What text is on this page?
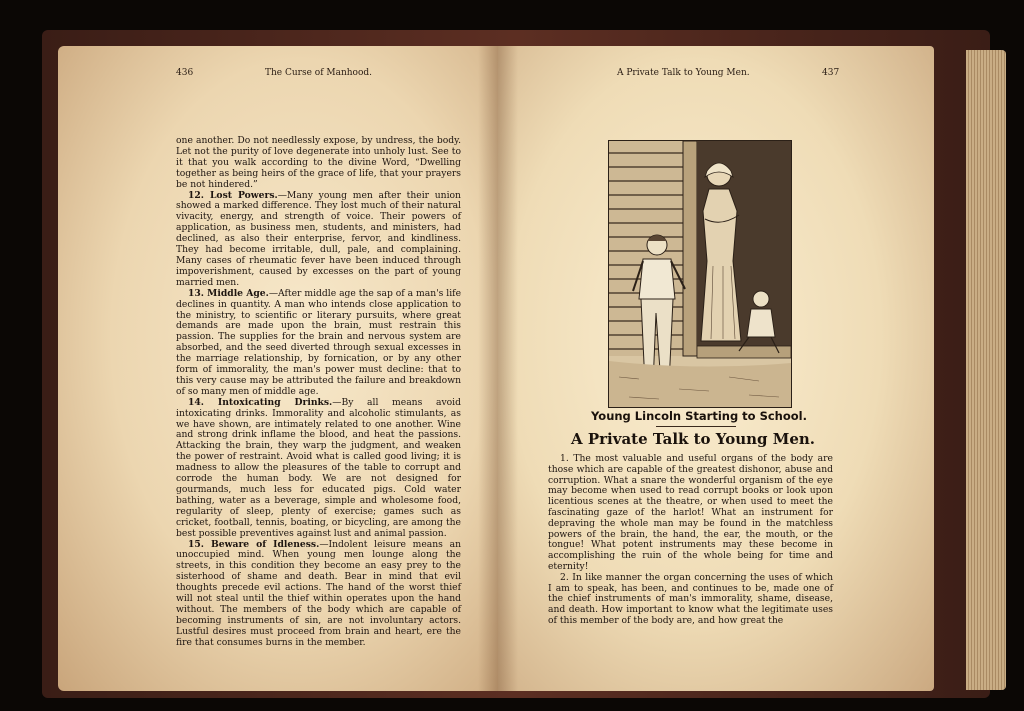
436	The Curse of Manhood.

one another. Do not needlessly expose, by undress, the body. Let not the purity of love degenerate into unholy lust. See to it that you walk according to the divine Word, “Dwelling together as being heirs of the grace of life, that your prayers be not hindered.”

12. Lost Powers.—Many young men after their union showed a marked difference. They lost much of their natural vivacity, energy, and strength of voice. Their powers of application, as business men, students, and ministers, had declined, as also their enterprise, fervor, and kindliness. They had become irritable, dull, pale, and complaining. Many cases of rheumatic fever have been induced through impoverishment, caused by excesses on the part of young married men.

13. Middle Age.—After middle age the sap of a man's life declines in quantity. A man who intends close application to the ministry, to scientific or literary pursuits, where great demands are made upon the brain, must restrain this passion. The supplies for the brain and nervous system are absorbed, and the seed diverted through sexual excesses in the marriage relationship, by fornication, or by any other form of immorality, the man's power must decline: that to this very cause may be attributed the failure and breakdown of so many men of middle age.

14. Intoxicating Drinks.—By all means avoid intoxicating drinks. Immorality and alcoholic stimulants, as we have shown, are intimately related to one another. Wine and strong drink inflame the blood, and heat the passions. Attacking the brain, they warp the judgment, and weaken the power of restraint. Avoid what is called good living; it is madness to allow the pleasures of the table to corrupt and corrode the human body. We are not designed for gourmands, much less for educated pigs. Cold water bathing, water as a beverage, simple and wholesome food, regularity of sleep, plenty of exercise; games such as cricket, football, tennis, boating, or bicycling, are among the best possible preventives against lust and animal passion.

15. Beware of Idleness.—Indolent leisure means an unoccupied mind. When young men lounge along the streets, in this condition they become an easy prey to the sisterhood of shame and death. Bear in mind that evil thoughts precede evil actions. The hand of the worst thief will not steal until the thief within operates upon the hand without. The members of the body which are capable of becoming instruments of sin, are not involuntary actors. Lustful desires must proceed from brain and heart, ere the fire that consumes burns in the member.

A Private Talk to Young Men.	437
Young Lincoln Starting to School.
A Private Talk to Young Men.

1. The most valuable and useful organs of the body are those which are capable of the greatest dishonor, abuse and corruption. What a snare the wonderful organism of the eye may become when used to read corrupt books or look upon licentious scenes at the theatre, or when used to meet the fascinating gaze of the harlot! What an instrument for depraving the whole man may be found in the matchless powers of the brain, the hand, the ear, the mouth, or the tongue! What potent instruments may these become in accomplishing the ruin of the whole being for time and eternity!

2. In like manner the organ concerning the uses of which I am to speak, has been, and continues to be, made one of the chief instruments of man's immorality, shame, disease, and death. How important to know what the legitimate uses of this member of the body are, and how great the
